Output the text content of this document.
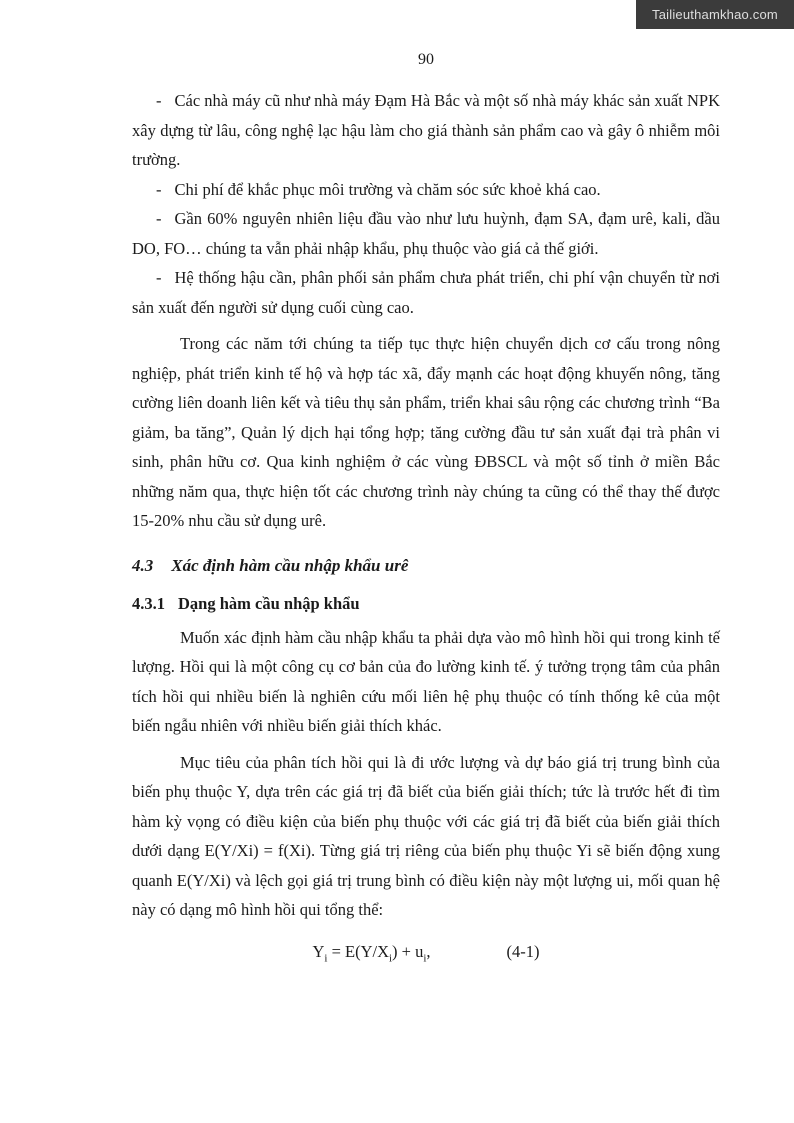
Tailieuthamkhao.com
90

- Các nhà máy cũ như nhà máy Đạm Hà Bắc và một số nhà máy khác sản xuất NPK xây dựng từ lâu, công nghệ lạc hậu làm cho giá thành sản phẩm cao và gây ô nhiễm môi trường.

- Chi phí để khắc phục môi trường và chăm sóc sức khoẻ khá cao.

- Gần 60% nguyên nhiên liệu đầu vào như lưu huỳnh, đạm SA, đạm urê, kali, dầu DO, FO… chúng ta vẫn phải nhập khẩu, phụ thuộc vào giá cả thế giới.

- Hệ thống hậu cần, phân phối sản phẩm chưa phát triển, chi phí vận chuyển từ nơi sản xuất đến người sử dụng cuối cùng cao.

Trong các năm tới chúng ta tiếp tục thực hiện chuyển dịch cơ cấu trong nông nghiệp, phát triển kinh tế hộ và hợp tác xã, đẩy mạnh các hoạt động khuyến nông, tăng cường liên doanh liên kết và tiêu thụ sản phẩm, triển khai sâu rộng các chương trình “Ba giảm, ba tăng”, Quản lý dịch hại tổng hợp; tăng cường đầu tư sản xuất đại trà phân vi sinh, phân hữu cơ. Qua kinh nghiệm ở các vùng ĐBSCL và một số tỉnh ở miền Bắc những năm qua, thực hiện tốt các chương trình này chúng ta cũng có thể thay thế được 15-20% nhu cầu sử dụng urê.

4.3 Xác định hàm cầu nhập khẩu urê
4.3.1 Dạng hàm cầu nhập khẩu

Muốn xác định hàm cầu nhập khẩu ta phải dựa vào mô hình hồi qui trong kinh tế lượng. Hồi qui là một công cụ cơ bản của đo lường kinh tế. ý tưởng trọng tâm của phân tích hồi qui nhiều biến là nghiên cứu mối liên hệ phụ thuộc có tính thống kê của một biến ngẫu nhiên với nhiều biến giải thích khác.

Mục tiêu của phân tích hồi qui là đi ước lượng và dự báo giá trị trung bình của biến phụ thuộc Y, dựa trên các giá trị đã biết của biến giải thích; tức là trước hết đi tìm hàm kỳ vọng có điều kiện của biến phụ thuộc với các giá trị đã biết của biến giải thích dưới dạng E(Y/Xi) = f(Xi). Từng giá trị riêng của biến phụ thuộc Yi sẽ biến động xung quanh E(Y/Xi) và lệch gọi giá trị trung bình có điều kiện này một lượng ui, mối quan hệ này có dạng mô hình hồi qui tổng thể:

$Y_i = E(Y/X_i) + u_i$,	(4-1)
